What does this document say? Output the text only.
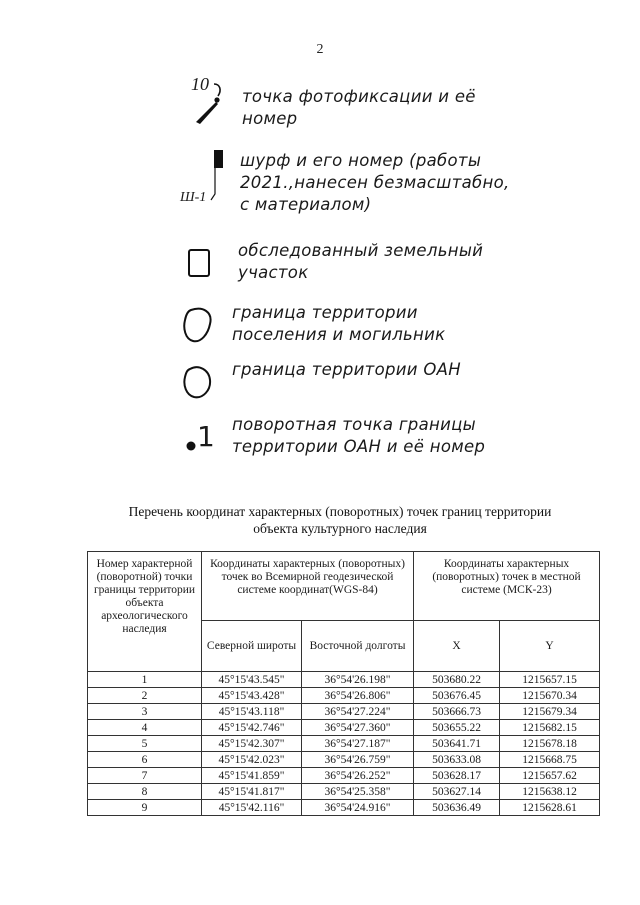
2
10
точка фотофиксации и её
номер
Ш-1
шурф и его номер (работы
2021.,нанесен безмасштабно,
с материалом)
обследованный земельный
участок
граница территории
поселения и могильник
граница территории ОАН
1 поворотная точка границы
территории ОАН и её номер
Перечень координат характерных (поворотных) точек границ территории
объекта культурного наследия
Номер характерной (поворотной) точки границы территории объекта археологического наследия	Координаты характерных (поворотных) точек во Всемирной геодезической системе координат(WGS-84)		Координаты характерных (поворотных) точек в местной системе (МСК-23)	
	Северной широты	Восточной долготы	X	Y
1	45°15'43.545"	36°54'26.198"	503680.22	1215657.15
2	45°15'43.428"	36°54'26.806"	503676.45	1215670.34
3	45°15'43.118"	36°54'27.224"	503666.73	1215679.34
4	45°15'42.746"	36°54'27.360"	503655.22	1215682.15
5	45°15'42.307"	36°54'27.187"	503641.71	1215678.18
6	45°15'42.023"	36°54'26.759"	503633.08	1215668.75
7	45°15'41.859"	36°54'26.252"	503628.17	1215657.62
8	45°15'41.817"	36°54'25.358"	503627.14	1215638.12
9	45°15'42.116"	36°54'24.916"	503636.49	1215628.61
